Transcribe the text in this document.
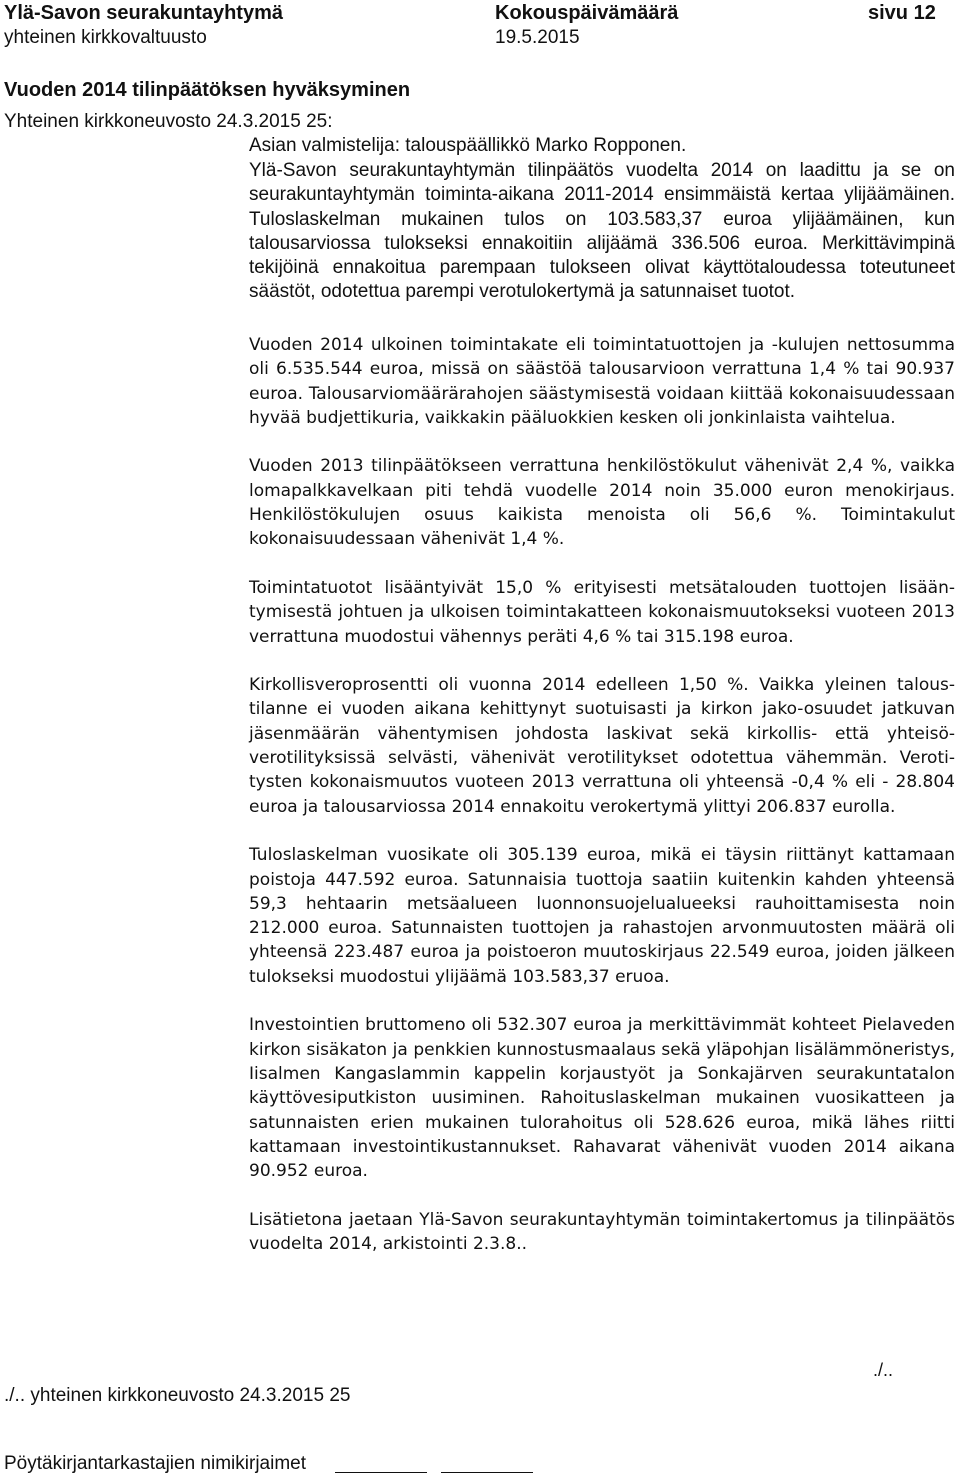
Ylä-Savon seurakuntayhtymä	Kokouspäivämäärä	sivu 12
yhteinen kirkkovaltuusto	19.5.2015
Vuoden 2014 tilinpäätöksen hyväksyminen
Yhteinen kirkkoneuvosto 24.3.2015 25:
Asian valmistelija: talouspäällikkö Marko Ropponen.
Ylä-Savon seurakuntayhtymän tilinpäätös vuodelta 2014 on laadittu ja se on seurakuntayhtymän toiminta-aikana 2011-2014 ensimmäistä kertaa ylijäämäinen. Tuloslaskelman mukainen tulos on 103.583,37 euroa ylijäämäinen, kun talousarviossa tulokseksi ennakoitiin alijäämä 336.506 euroa. Merkittävimpinä tekijöinä ennakoitua parempaan tulokseen olivat käyttötaloudessa toteutuneet säästöt, odotettua parempi verotulokertymä ja satunnaiset tuotot.

Vuoden 2014 ulkoinen toimintakate eli toimintatuottojen ja -kulujen nettosumma oli 6.535.544 euroa, missä on säästöä talousarvioon verrattuna 1,4 % tai 90.937 euroa. Talousarviomäärärahojen säästymisestä voidaan kiittää kokonaisuudessaan hyvää budjettikuria, vaikkakin pääluokkien kesken oli jonkinlaista vaihtelua.

Vuoden 2013 tilinpäätökseen verrattuna henkilöstökulut vähenivät 2,4 %, vaikka lomapalkkavelkaan piti tehdä vuodelle 2014 noin 35.000 euron menokirjaus. Henkilöstökulujen osuus kaikista menoista oli 56,6 %. Toimintakulut kokonaisuudessaan vähenivät 1,4 %.

Toimintatuotot lisääntyivät 15,0 % erityisesti metsätalouden tuottojen lisääntymisestä johtuen ja ulkoisen toimintakatteen kokonaismuutokseksi vuoteen 2013 verrattuna muodostui vähennys peräti 4,6 % tai 315.198 euroa.

Kirkollisveroprosentti oli vuonna 2014 edelleen 1,50 %. Vaikka yleinen taloustilanne ei vuoden aikana kehittynyt suotuisasti ja kirkon jako-osuudet jatkuvan jäsenmäärän vähentymisen johdosta laskivat sekä kirkollis- että yhteisöverotilityksissä selvästi, vähenivät verotilitykset odotettua vähemmän. Verotitysten kokonaismuutos vuoteen 2013 verrattuna oli yhteensä -0,4 % eli - 28.804 euroa ja talousarviossa 2014 ennakoitu verokertymä ylittyi 206.837 eurolla.

Tuloslaskelman vuosikate oli 305.139 euroa, mikä ei täysin riittänyt kattamaan poistoja 447.592 euroa. Satunnaisia tuottoja saatiin kuitenkin kahden yhteensä 59,3 hehtaarin metsäalueen luonnonsuojelualueeksi rauhoittamisesta noin 212.000 euroa. Satunnaisten tuottojen ja rahastojen arvonmuutosten määrä oli yhteensä 223.487 euroa ja poistoeron muutoskirjaus 22.549 euroa, joiden jälkeen tulokseksi muodostui ylijäämä 103.583,37 eruoa.

Investointien bruttomeno oli 532.307 euroa ja merkittävimmät kohteet Pielaveden kirkon sisäkaton ja penkkien kunnostusmaalaus sekä yläpohjan lisälämmöneristys, Iisalmen Kangaslammin kappelin korjaustyöt ja Sonkajärven seurakuntatalon käyttövesiputkiston uusiminen. Rahoituslaskelman mukainen vuosikatteen ja satunnaisten erien mukainen tulorahoitus oli 528.626 euroa, mikä lähes riitti kattamaan investointikustannukset. Rahavarat vähenivät vuoden 2014 aikana 90.952 euroa.

Lisätietona jaetaan Ylä-Savon seurakuntayhtymän toimintakertomus ja tilinpäätös vuodelta 2014, arkistointi 2.3.8..

./..
./.. yhteinen kirkkoneuvosto 24.3.2015 25
Pöytäkirjantarkastajien nimikirjaimet
